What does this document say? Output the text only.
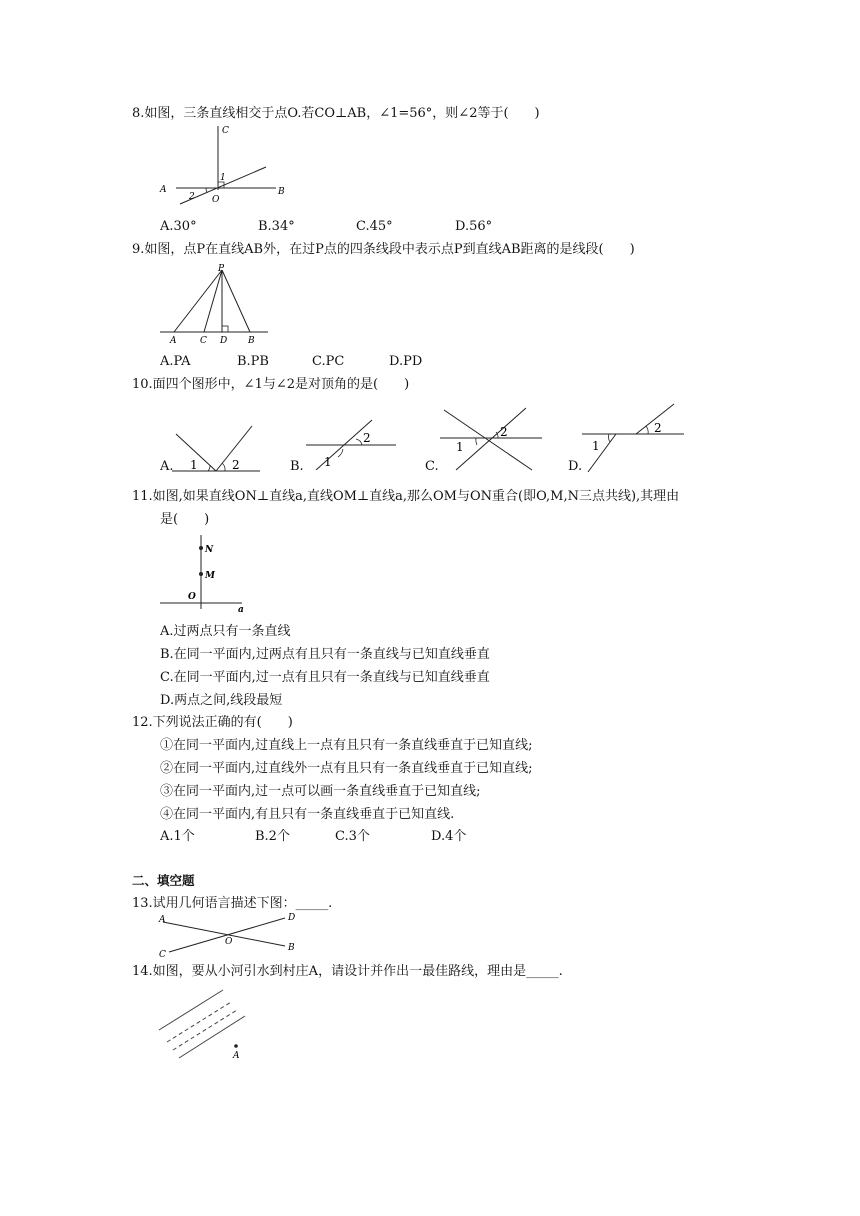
8.如图，三条直线相交于点O.若CO⊥AB，∠1=56°，则∠2等于(　　)
C
A	B
O
1
2
A.30°	B.34°	C.45°	D.56°
9.如图，点P在直线AB外，在过P点的四条线段中表示点P到直线AB距离的是线段(　　)
P
A	C D B
A.PA	B.PB	C.PC	D.PD
10.面四个图形中，∠1与∠2是对顶角的是(　　)
A. 1	2	B. 1
2
C.
1
2
D.
1
2
11.如图,如果直线ON⊥直线a,直线OM⊥直线a,那么OM与ON重合(即O,M,N三点共线),其理由
是(　　)
N
M
O
a
A.过两点只有一条直线
B.在同一平面内,过两点有且只有一条直线与已知直线垂直
C.在同一平面内,过一点有且只有一条直线与已知直线垂直
D.两点之间,线段最短
12.下列说法正确的有(　　)
①在同一平面内,过直线上一点有且只有一条直线垂直于已知直线;
②在同一平面内,过直线外一点有且只有一条直线垂直于已知直线;
③在同一平面内,过一点可以画一条直线垂直于已知直线;
④在同一平面内,有且只有一条直线垂直于已知直线.
A.1个	B.2个	C.3个	D.4个
二、填空题
13.试用几何语言描述下图：_____.
A	D
O
C
B
14.如图，要从小河引水到村庄A，请设计并作出一最佳路线，理由是_____.
A
